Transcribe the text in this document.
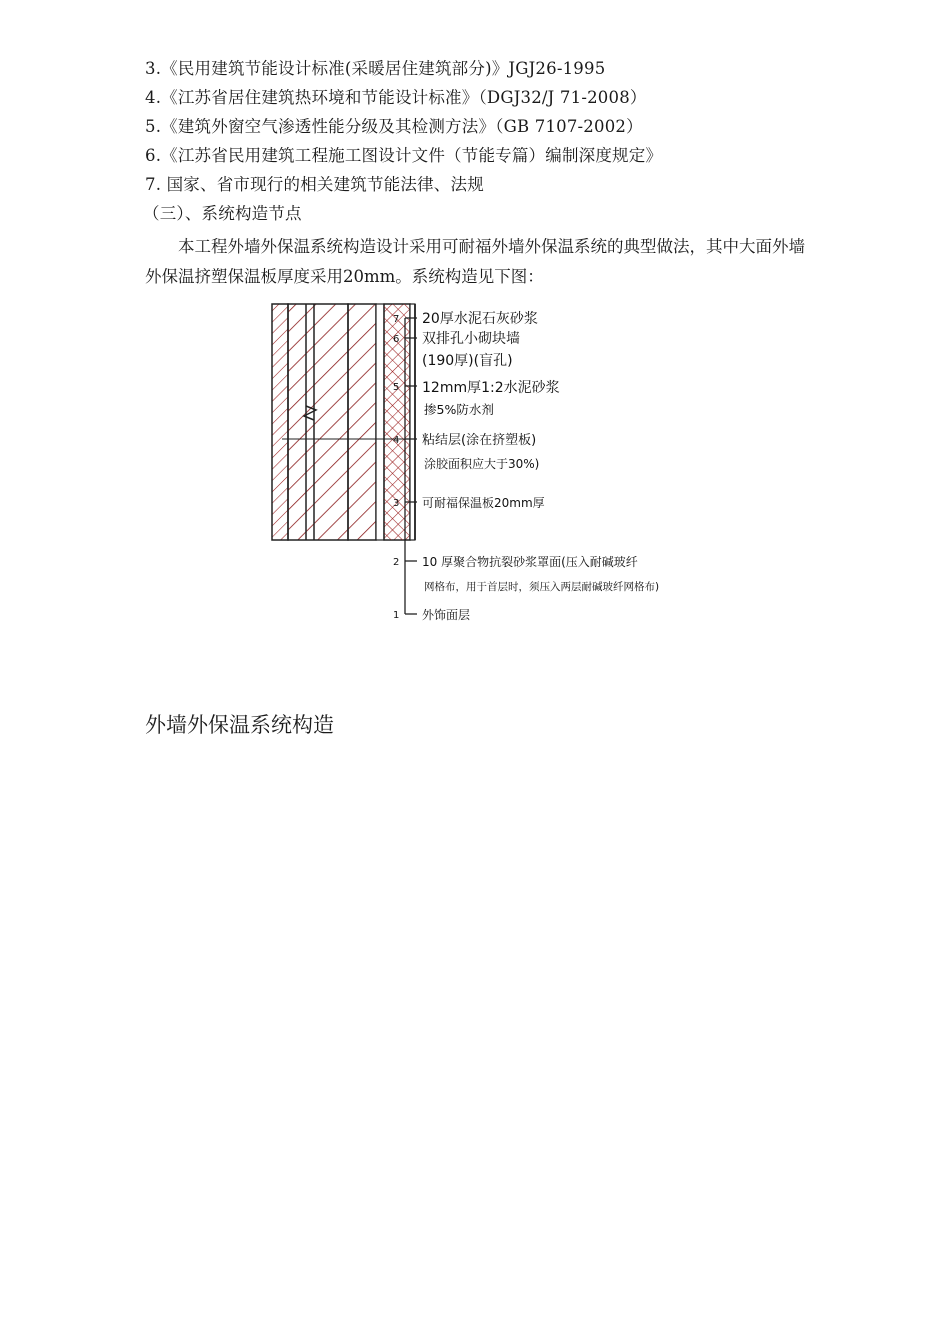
3.《民用建筑节能设计标准(采暖居住建筑部分)》JGJ26-1995
4.《江苏省居住建筑热环境和节能设计标准》（DGJ32/J 71-2008）
5.《建筑外窗空气渗透性能分级及其检测方法》（GB 7107-2002）
6.《江苏省民用建筑工程施工图设计文件（节能专篇）编制深度规定》
7. 国家、省市现行的相关建筑节能法律、法规
（三）、系统构造节点
本工程外墙外保温系统构造设计采用可耐福外墙外保温系统的典型做法，其中大面外墙外保温挤塑保温板厚度采用20mm。系统构造见下图：
7
6
5
4
3
2
1
20厚水泥石灰砂浆
双排孔小砌块墙
(190厚)(盲孔)
12mm厚1:2水泥砂浆
掺5%防水剂
粘结层(涂在挤塑板)
涂胶面积应大于30%)
可耐福保温板20mm厚
10 厚聚合物抗裂砂浆罩面(压入耐碱玻纤
网格布，用于首层时，须压入两层耐碱玻纤网格布)
外饰面层
外墙外保温系统构造
